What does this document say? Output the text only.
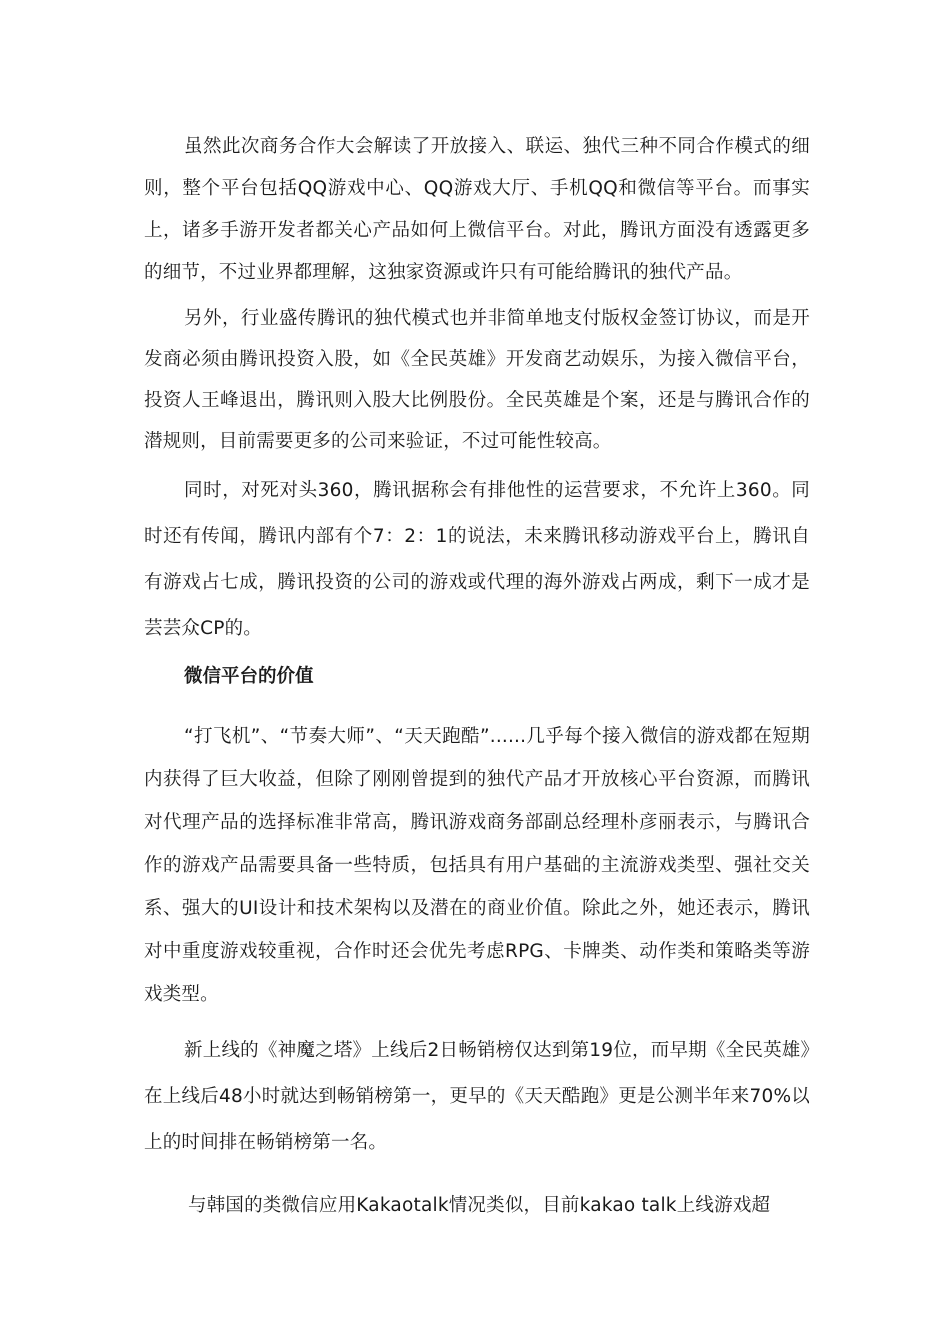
虽然此次商务合作大会解读了开放接入、联运、独代三种不同合作模式的细则，整个平台包括QQ游戏中心、QQ游戏大厅、手机QQ和微信等平台。而事实上，诸多手游开发者都关心产品如何上微信平台。对此，腾讯方面没有透露更多的细节，不过业界都理解，这独家资源或许只有可能给腾讯的独代产品。

另外，行业盛传腾讯的独代模式也并非简单地支付版权金签订协议，而是开发商必须由腾讯投资入股，如《全民英雄》开发商艺动娱乐，为接入微信平台，投资人王峰退出，腾讯则入股大比例股份。全民英雄是个案，还是与腾讯合作的潜规则，目前需要更多的公司来验证，不过可能性较高。

同时，对死对头360，腾讯据称会有排他性的运营要求，不允许上360。同时还有传闻，腾讯内部有个7：2：1的说法，未来腾讯移动游戏平台上，腾讯自有游戏占七成，腾讯投资的公司的游戏或代理的海外游戏占两成，剩下一成才是芸芸众CP的。

微信平台的价值

“打飞机”、“节奏大师”、“天天跑酷”......几乎每个接入微信的游戏都在短期内获得了巨大收益，但除了刚刚曾提到的独代产品才开放核心平台资源，而腾讯对代理产品的选择标准非常高，腾讯游戏商务部副总经理朴彦丽表示，与腾讯合作的游戏产品需要具备一些特质，包括具有用户基础的主流游戏类型、强社交关系、强大的UI设计和技术架构以及潜在的商业价值。除此之外，她还表示，腾讯对中重度游戏较重视，合作时还会优先考虑RPG、卡牌类、动作类和策略类等游戏类型。

新上线的《神魔之塔》上线后2日畅销榜仅达到第19位，而早期《全民英雄》在上线后48小时就达到畅销榜第一，更早的《天天酷跑》更是公测半年来70%以上的时间排在畅销榜第一名。

与韩国的类微信应用Kakaotalk情况类似，目前kakao talk上线游戏超
